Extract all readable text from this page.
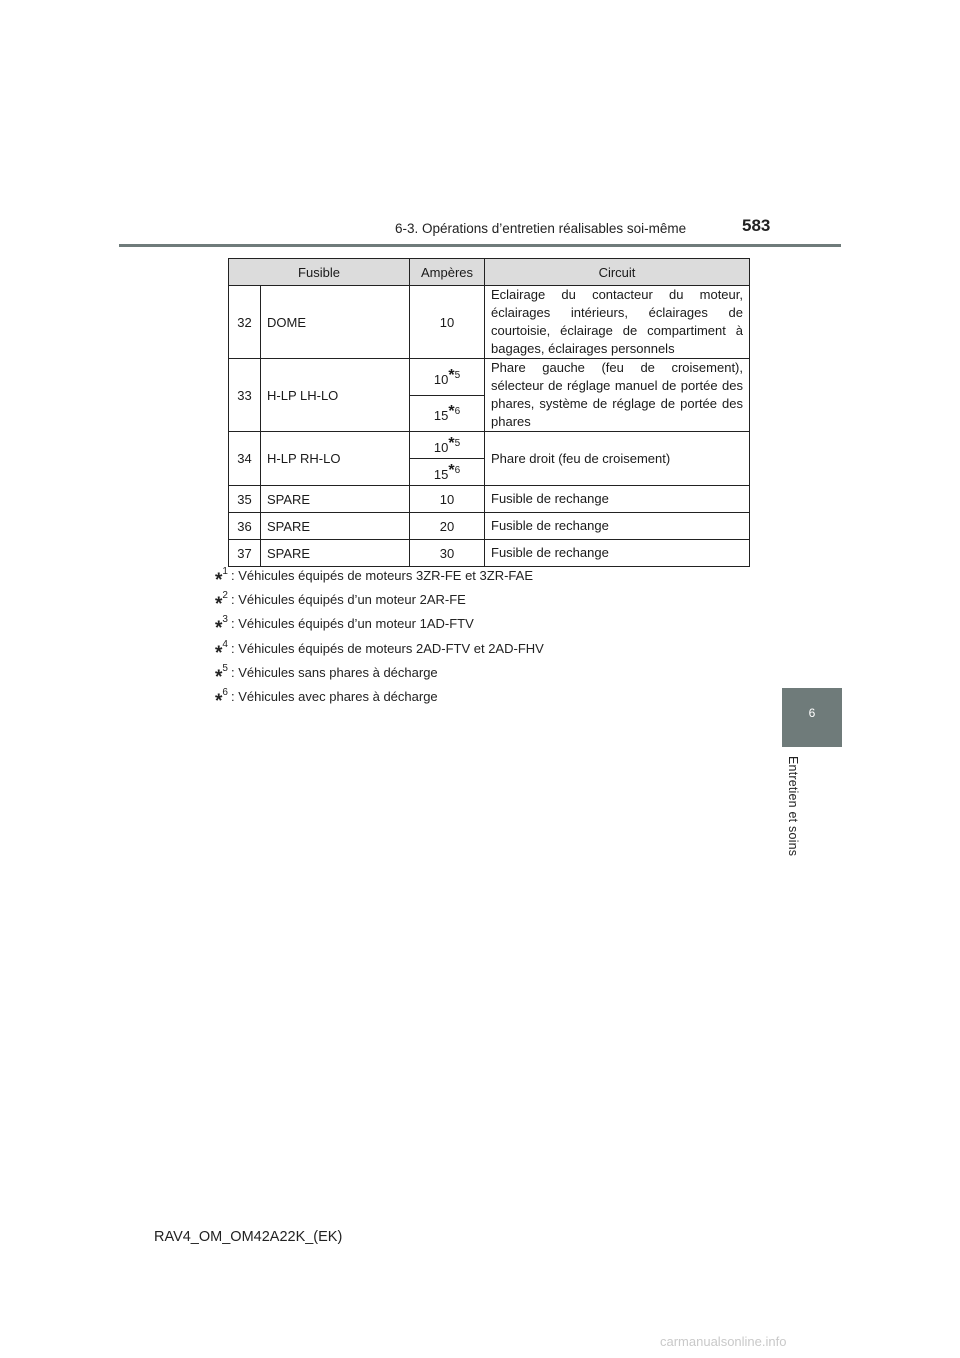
6-3. Opérations d’entretien réalisables soi-même	583
6
Entretien et soins
Fusible		Ampères	Circuit
32	DOME	10	Eclairage du contacteur du moteur, éclairages intérieurs, éclairages de courtoisie, éclairage de compartiment à bagages, éclairages personnels
33	H-LP LH-LO	10$^{*5}$	Phare gauche (feu de croisement), sélecteur de réglage manuel de portée des phares, système de réglage de portée des phares
		15$^{*6}$
34	H-LP RH-LO	10$^{*5}$	Phare droit (feu de croisement)
		15$^{*6}$
35	SPARE	10	Fusible de rechange
36	SPARE	20	Fusible de rechange
37	SPARE	30	Fusible de rechange
*$^1$ : Véhicules équipés de moteurs 3ZR-FE et 3ZR-FAE
*$^2$ : Véhicules équipés d’un moteur 2AR-FE
*$^3$ : Véhicules équipés d’un moteur 1AD-FTV
*$^4$ : Véhicules équipés de moteurs 2AD-FTV et 2AD-FHV
*$^5$ : Véhicules sans phares à décharge
*$^6$ : Véhicules avec phares à décharge
RAV4_OM_OM42A22K_(EK)
carmanualsonline.info
